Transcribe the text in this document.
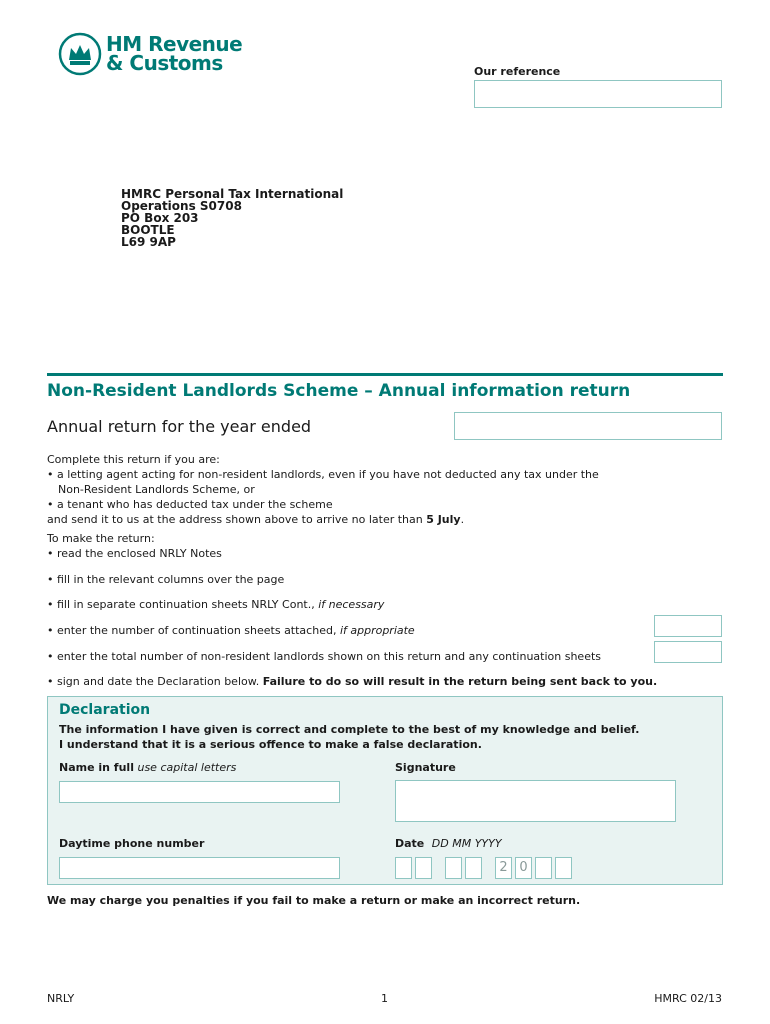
HM Revenue
& Customs	Our reference
HMRC Personal Tax International
Operations S0708
PO Box 203
BOOTLE
L69 9AP
Non-Resident Landlords Scheme – Annual information return
Annual return for the year ended
Complete this return if you are:
• a letting agent acting for non-resident landlords, even if you have not deducted any tax under the
Non-Resident Landlords Scheme, or
• a tenant who has deducted tax under the scheme
and send it to us at the address shown above to arrive no later than 5 July.
To make the return:
• read the enclosed NRLY Notes
• fill in the relevant columns over the page
• fill in separate continuation sheets NRLY Cont., if necessary
• enter the number of continuation sheets attached, if appropriate
• enter the total number of non-resident landlords shown on this return and any continuation sheets
• sign and date the Declaration below. Failure to do so will result in the return being sent back to you.
Declaration
The information I have given is correct and complete to the best of my knowledge and belief.
I understand that it is a serious offence to make a false declaration.
Name in full use capital letters	Signature
Daytime phone number	Date DD MM YYYY
2 0
We may charge you penalties if you fail to make a return or make an incorrect return.
NRLY	1	HMRC 02/13
